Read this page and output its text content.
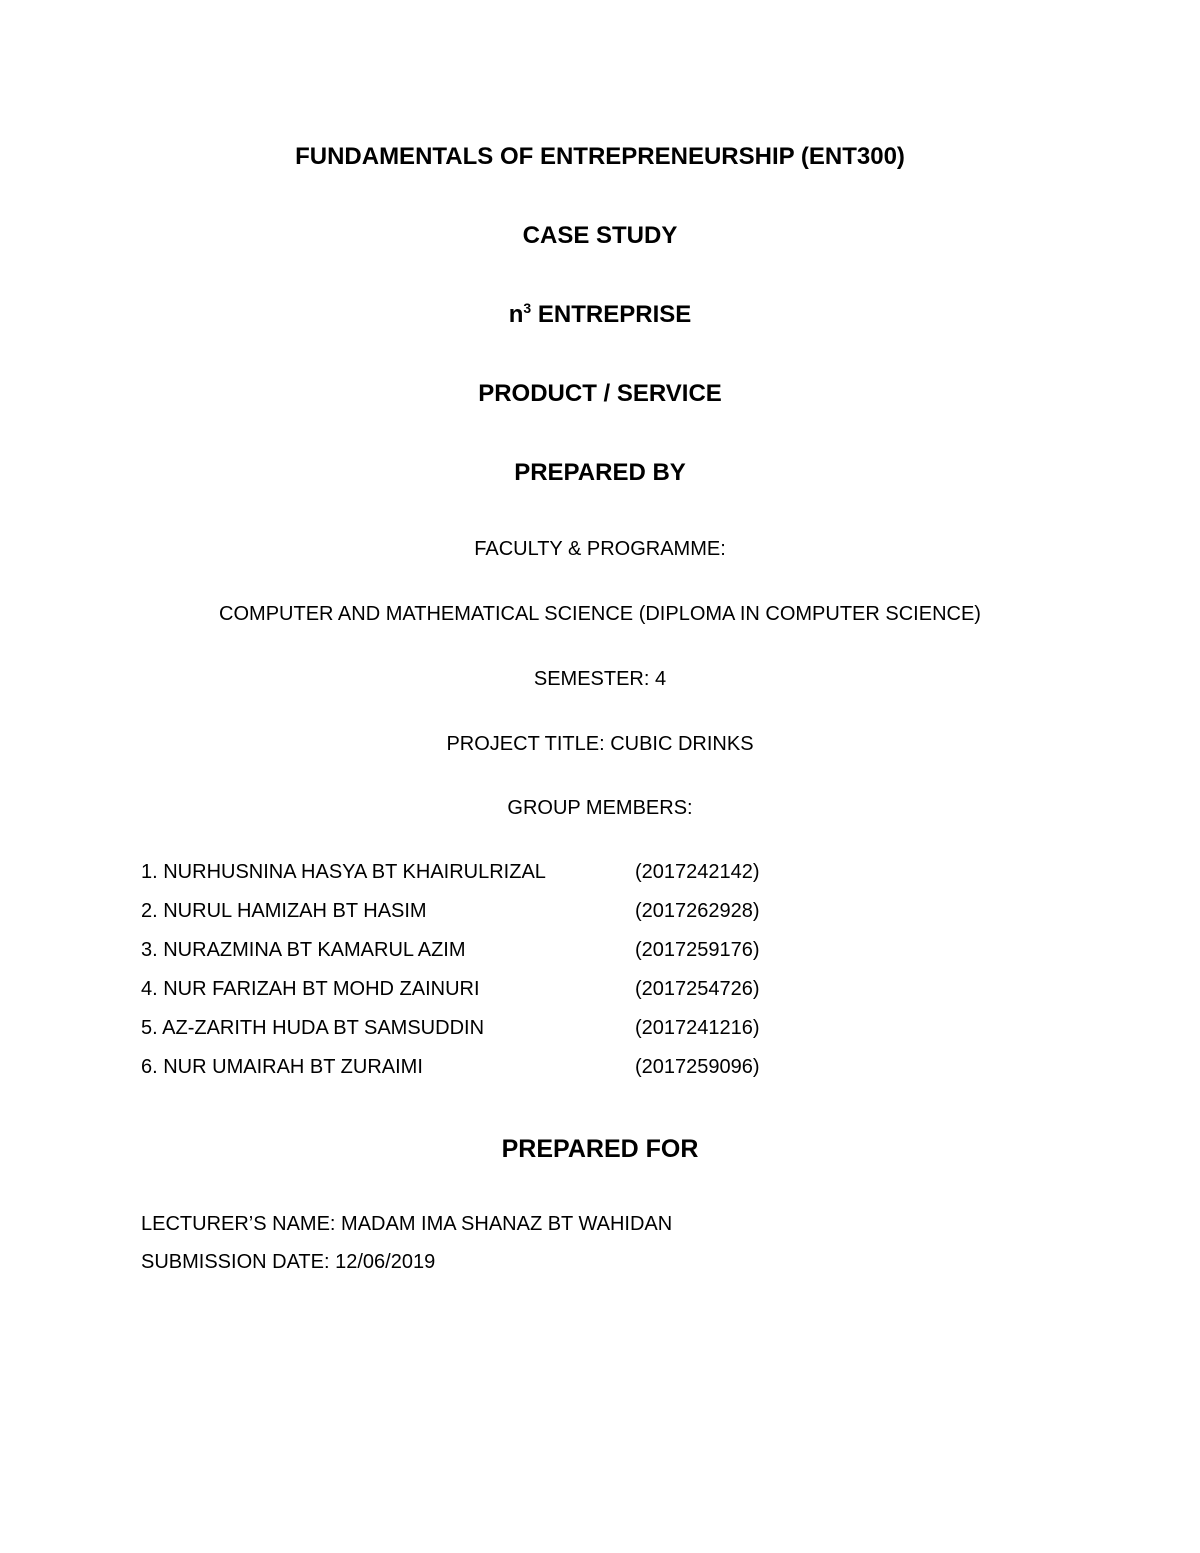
FUNDAMENTALS OF ENTREPRENEURSHIP (ENT300)
CASE STUDY
$n^3$ ENTREPRISE
PRODUCT / SERVICE
PREPARED BY
FACULTY & PROGRAMME:
COMPUTER AND MATHEMATICAL SCIENCE (DIPLOMA IN COMPUTER SCIENCE)
SEMESTER: 4
PROJECT TITLE: CUBIC DRINKS
GROUP MEMBERS:
1. NURHUSNINA HASYA BT KHAIRULRIZAL	(2017242142)
2. NURUL HAMIZAH BT HASIM	(2017262928)
3. NURAZMINA BT KAMARUL AZIM	(2017259176)
4. NUR FARIZAH BT MOHD ZAINURI	(2017254726)
5. AZ-ZARITH HUDA BT SAMSUDDIN	(2017241216)
6. NUR UMAIRAH BT ZURAIMI	(2017259096)
PREPARED FOR
LECTURER’S NAME: MADAM IMA SHANAZ BT WAHIDAN
SUBMISSION DATE: 12/06/2019
